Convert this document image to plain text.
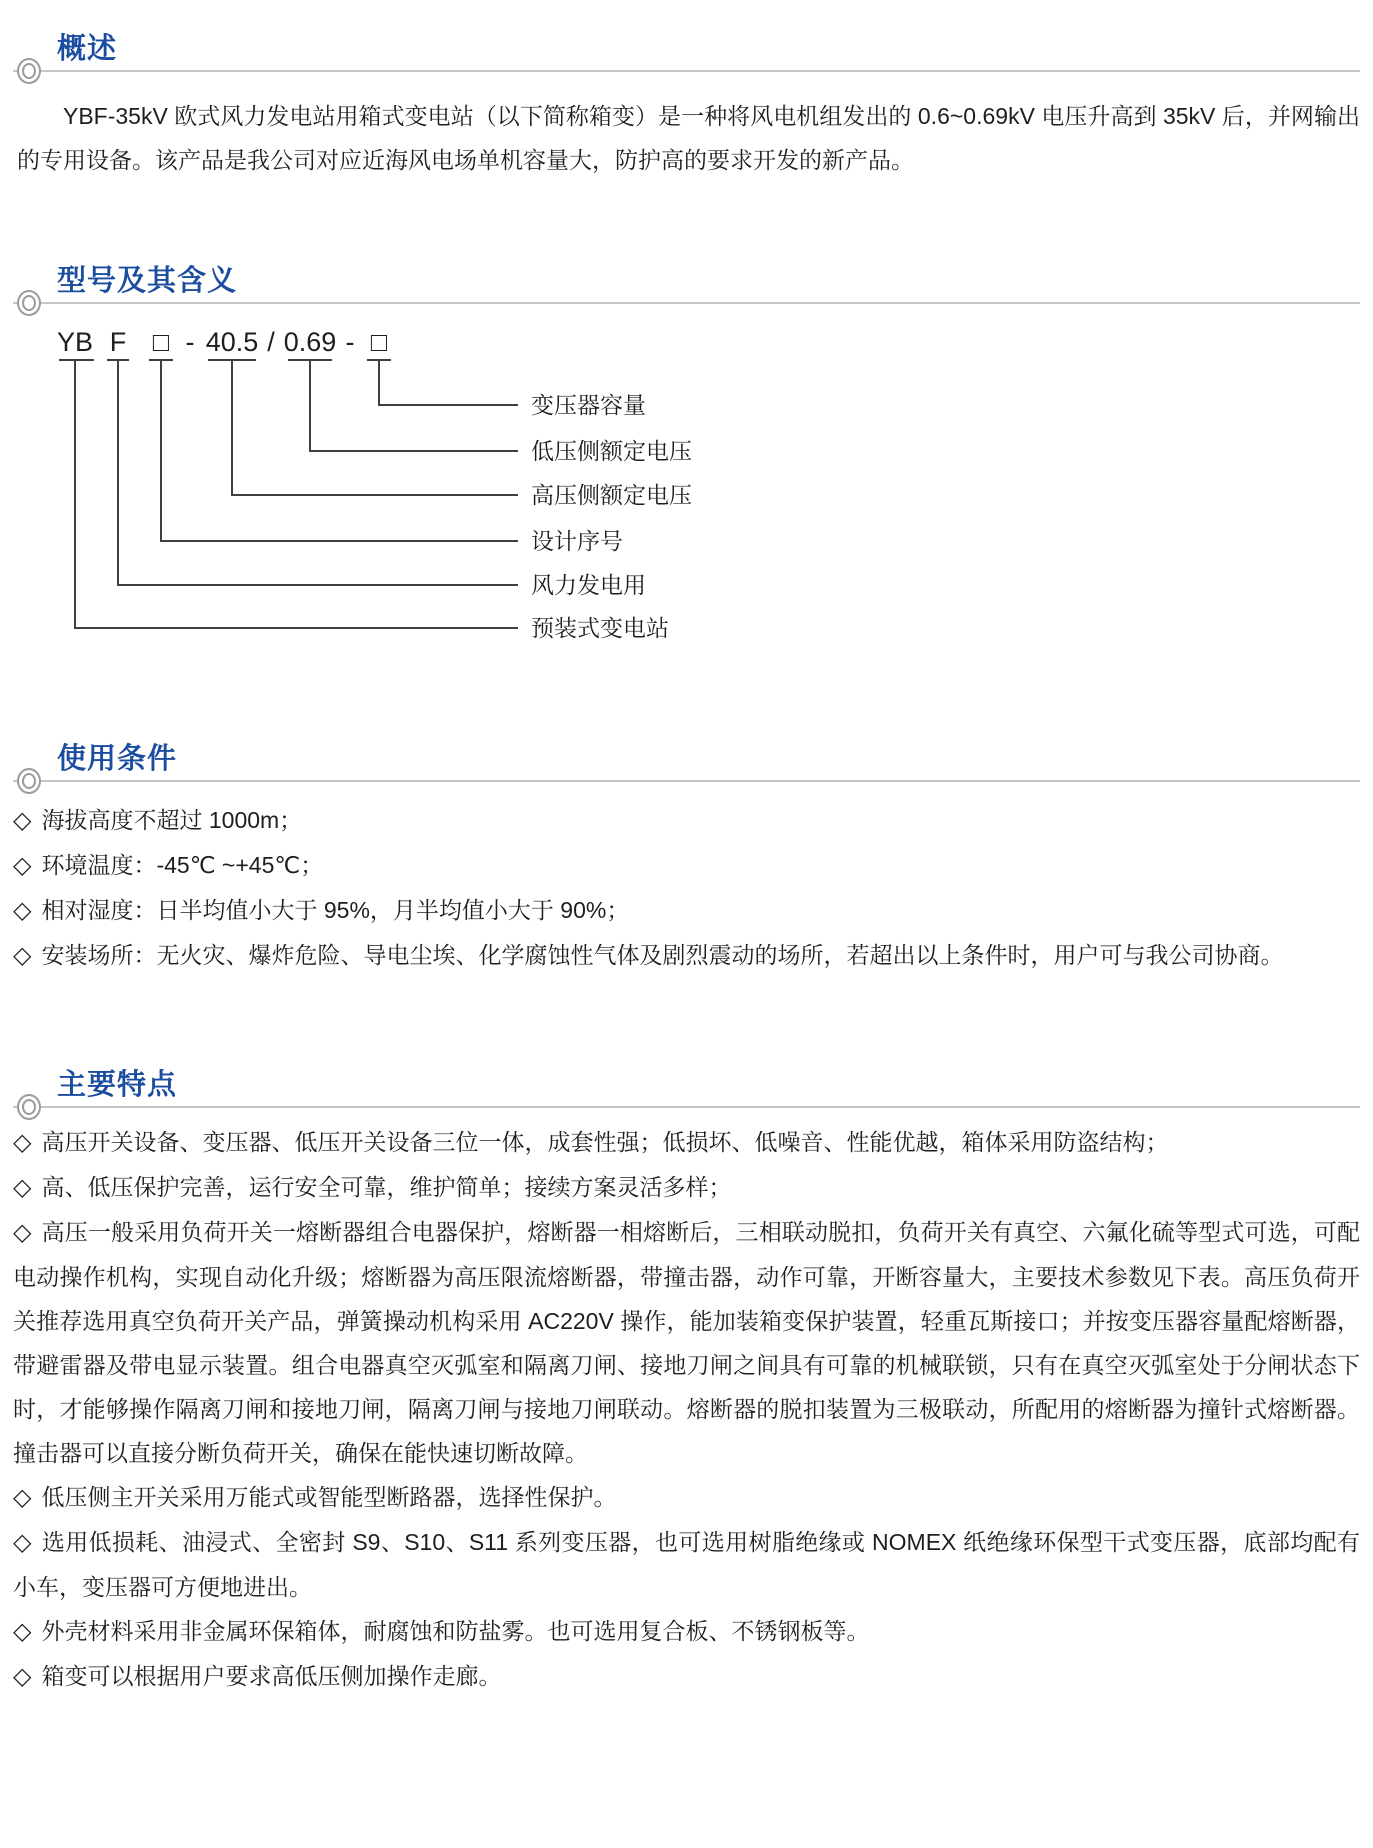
概述

YBF-35kV 欧式风力发电站用箱式变电站（以下简称箱变）是一种将风电机组发出的 0.6~0.69kV 电压升高到 35kV 后，并网输出的专用设备。该产品是我公司对应近海风电场单机容量大，防护高的要求开发的新产品。

型号及其含义
YB F □ - 40.5 / 0.69 - □
变压器容量
低压侧额定电压
高压侧额定电压
设计序号
风力发电用
预装式变电站
使用条件

◇ 海拔高度不超过 1000m；

◇ 环境温度：-45℃ ~+45℃；

◇ 相对湿度：日半均值小大于 95%，月半均值小大于 90%；

◇ 安装场所：无火灾、爆炸危险、导电尘埃、化学腐蚀性气体及剧烈震动的场所，若超出以上条件时，用户可与我公司协商。

主要特点

◇ 高压开关设备、变压器、低压开关设备三位一体，成套性强；低损坏、低噪音、性能优越，箱体采用防盗结构；

◇ 高、低压保护完善，运行安全可靠，维护简单；接续方案灵活多样；

◇ 高压一般采用负荷开关一熔断器组合电器保护，熔断器一相熔断后，三相联动脱扣，负荷开关有真空、六氟化硫等型式可选，可配电动操作机构，实现自动化升级；熔断器为高压限流熔断器，带撞击器，动作可靠，开断容量大，主要技术参数见下表。高压负荷开关推荐选用真空负荷开关产品，弹簧操动机构采用 AC220V 操作，能加装箱变保护装置，轻重瓦斯接口；并按变压器容量配熔断器，带避雷器及带电显示装置。组合电器真空灭弧室和隔离刀闸、接地刀闸之间具有可靠的机械联锁，只有在真空灭弧室处于分闸状态下时，才能够操作隔离刀闸和接地刀闸，隔离刀闸与接地刀闸联动。熔断器的脱扣装置为三极联动，所配用的熔断器为撞针式熔断器。撞击器可以直接分断负荷开关，确保在能快速切断故障。

◇ 低压侧主开关采用万能式或智能型断路器，选择性保护。

◇ 选用低损耗、油浸式、全密封 S9、S10、S11 系列变压器，也可选用树脂绝缘或 NOMEX 纸绝缘环保型干式变压器，底部均配有小车，变压器可方便地进出。

◇ 外壳材料采用非金属环保箱体，耐腐蚀和防盐雾。也可选用复合板、不锈钢板等。

◇ 箱变可以根据用户要求高低压侧加操作走廊。
